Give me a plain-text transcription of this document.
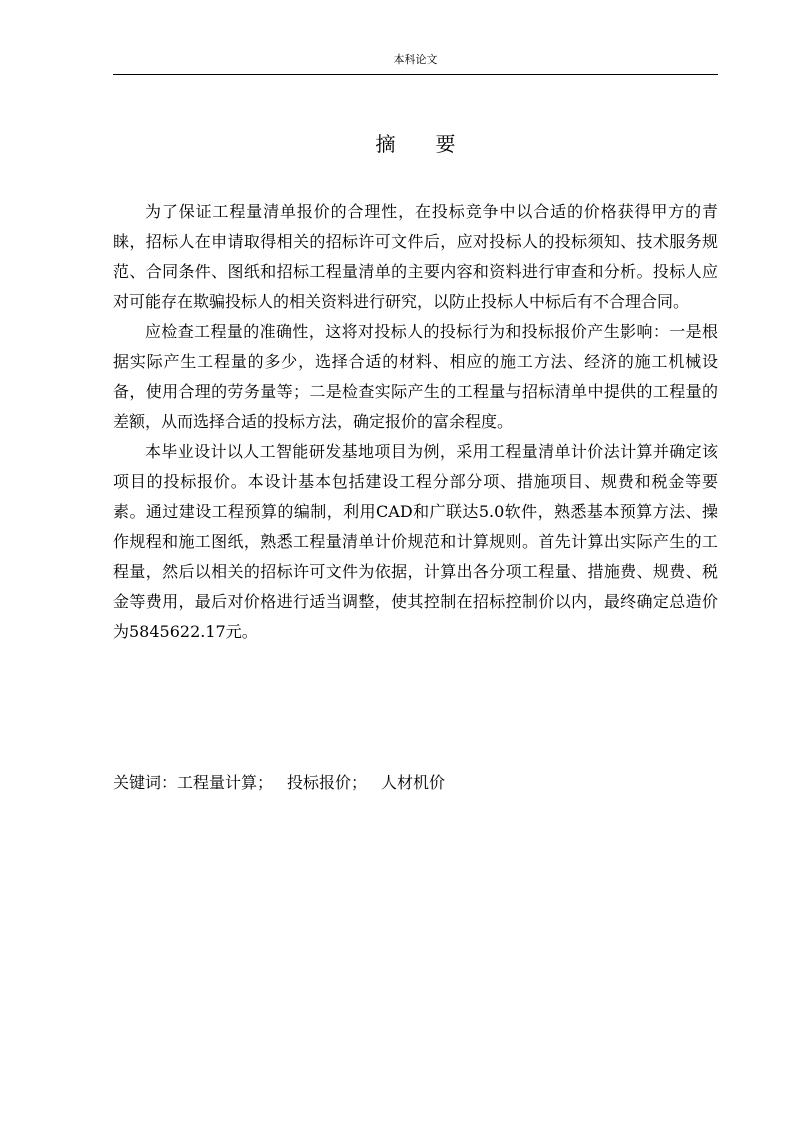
本科论文
摘 要

为了保证工程量清单报价的合理性，在投标竞争中以合适的价格获得甲方的青睐，招标人在申请取得相关的招标许可文件后，应对投标人的投标须知、技术服务规范、合同条件、图纸和招标工程量清单的主要内容和资料进行审查和分析。投标人应对可能存在欺骗投标人的相关资料进行研究，以防止投标人中标后有不合理合同。

应检查工程量的准确性，这将对投标人的投标行为和投标报价产生影响：一是根据实际产生工程量的多少，选择合适的材料、相应的施工方法、经济的施工机械设备，使用合理的劳务量等；二是检查实际产生的工程量与招标清单中提供的工程量的差额，从而选择合适的投标方法，确定报价的富余程度。

本毕业设计以人工智能研发基地项目为例，采用工程量清单计价法计算并确定该项目的投标报价。本设计基本包括建设工程分部分项、措施项目、规费和税金等要素。通过建设工程预算的编制，利用CAD和广联达5.0软件，熟悉基本预算方法、操作规程和施工图纸，熟悉工程量清单计价规范和计算规则。首先计算出实际产生的工程量，然后以相关的招标许可文件为依据，计算出各分项工程量、措施费、规费、税金等费用，最后对价格进行适当调整，使其控制在招标控制价以内，最终确定总造价为5845622.17元。

关键词：工程量计算； 投标报价； 人材机价
